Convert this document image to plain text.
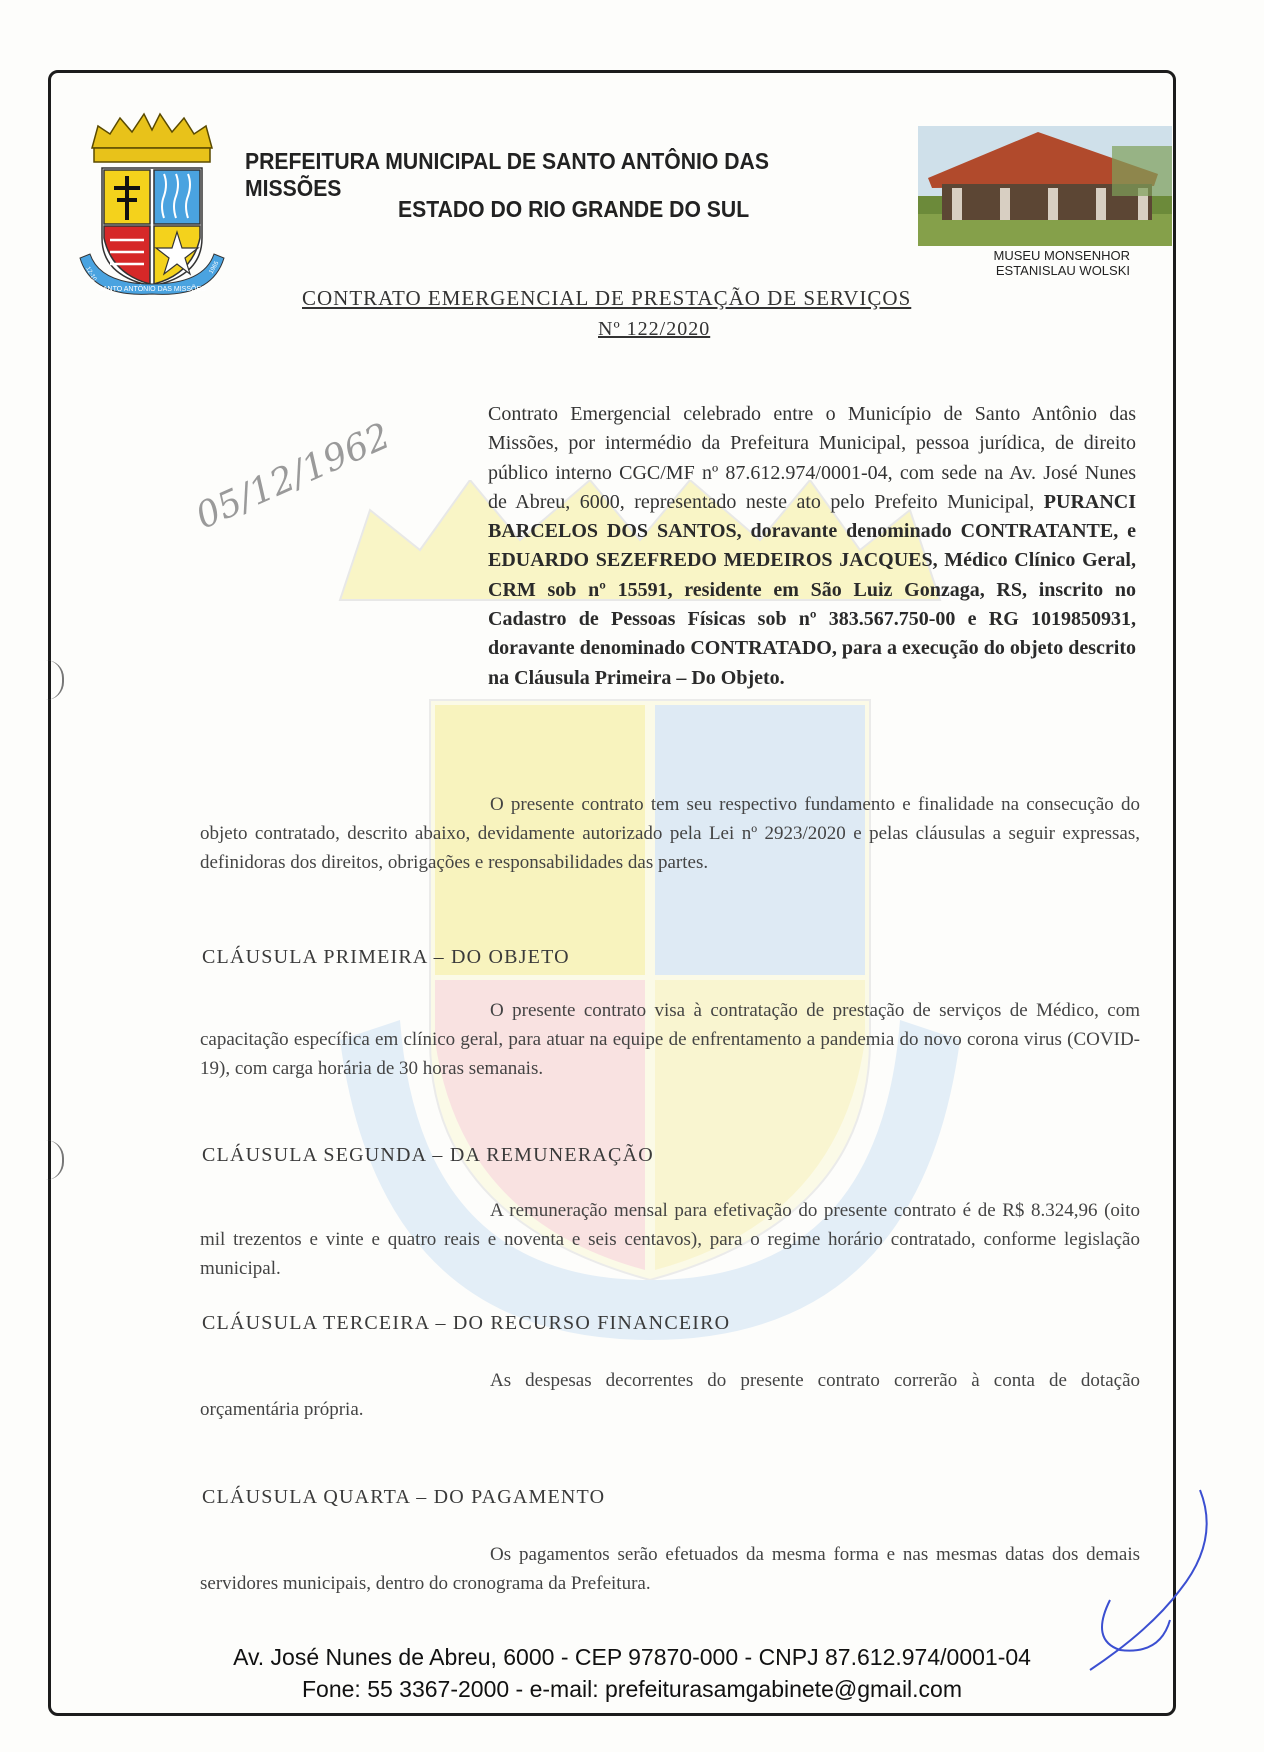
SANTO ANTÔNIO DAS MISSÕES
12-10	1965
PREFEITURA MUNICIPAL DE SANTO ANTÔNIO DAS MISSÕES
ESTADO DO RIO GRANDE DO SUL
MUSEU MONSENHOR
ESTANISLAU WOLSKI
CONTRATO EMERGENCIAL DE PRESTAÇÃO DE SERVIÇOS
Nº 122/2020
05/12/1962
Contrato Emergencial celebrado entre o Município de Santo Antônio das Missões, por intermédio da Prefeitura Municipal, pessoa jurídica, de direito público interno CGC/MF nº 87.612.974/0001-04, com sede na Av. José Nunes de Abreu, 6000, representado neste ato pelo Prefeito Municipal, PURANCI BARCELOS DOS SANTOS, doravante denominado CONTRATANTE, e EDUARDO SEZEFREDO MEDEIROS JACQUES, Médico Clínico Geral, CRM sob nº 15591, residente em São Luiz Gonzaga, RS, inscrito no Cadastro de Pessoas Físicas sob nº 383.567.750-00 e RG 1019850931, doravante denominado CONTRATADO, para a execução do objeto descrito na Cláusula Primeira – Do Objeto.
O presente contrato tem seu respectivo fundamento e finalidade na consecução do objeto contratado, descrito abaixo, devidamente autorizado pela Lei nº 2923/2020 e pelas cláusulas a seguir expressas, definidoras dos direitos, obrigações e responsabilidades das partes.
CLÁUSULA PRIMEIRA – DO OBJETO
O presente contrato visa à contratação de prestação de serviços de Médico, com capacitação específica em clínico geral, para atuar na equipe de enfrentamento a pandemia do novo corona virus (COVID-19), com carga horária de 30 horas semanais.
CLÁUSULA SEGUNDA – DA REMUNERAÇÃO
A remuneração mensal para efetivação do presente contrato é de R$ 8.324,96 (oito mil trezentos e vinte e quatro reais e noventa e seis centavos), para o regime horário contratado, conforme legislação municipal.
CLÁUSULA TERCEIRA – DO RECURSO FINANCEIRO
As despesas decorrentes do presente contrato correrão à conta de dotação orçamentária própria.
CLÁUSULA QUARTA – DO PAGAMENTO
Os pagamentos serão efetuados da mesma forma e nas mesmas datas dos demais servidores municipais, dentro do cronograma da Prefeitura.
Av. José Nunes de Abreu, 6000 - CEP 97870-000 - CNPJ 87.612.974/0001-04
Fone: 55 3367-2000 - e-mail: prefeiturasamgabinete@gmail.com
